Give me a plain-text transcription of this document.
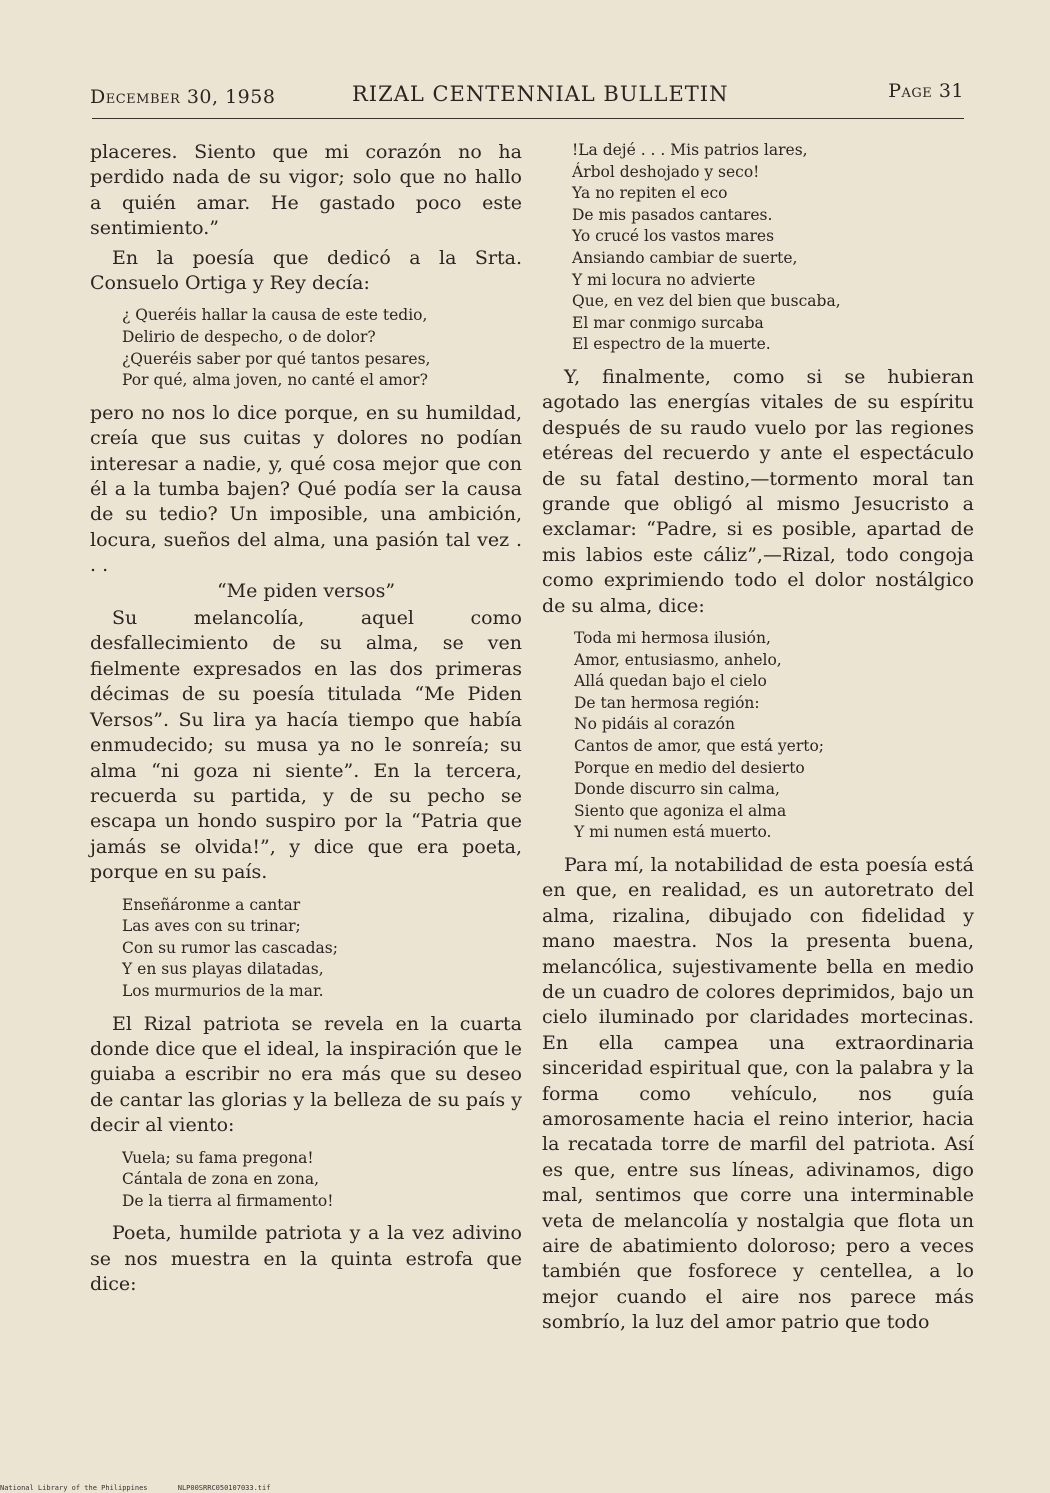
December 30, 1958	RIZAL CENTENNIAL BULLETIN	Page 31

placeres. Siento que mi corazón no ha perdido nada de su vigor; solo que no hallo a quién amar. He gastado poco este sentimiento.”

En la poesía que dedicó a la Srta. Consuelo Ortiga y Rey decía:

¿ Queréis hallar la causa de este tedio,
Delirio de despecho, o de dolor?
¿Queréis saber por qué tantos pesares,
Por qué, alma joven, no canté el amor?

pero no nos lo dice porque, en su humildad, creía que sus cuitas y dolores no podían interesar a nadie, y, qué cosa mejor que con él a la tumba bajen? Qué podía ser la causa de su tedio? Un imposible, una ambición, locura, sueños del alma, una pasión tal vez . . .

“Me piden versos”

Su melancolía, aquel como desfallecimiento de su alma, se ven fielmente expresados en las dos primeras décimas de su poesía titulada “Me Piden Versos”. Su lira ya hacía tiempo que había enmudecido; su musa ya no le sonreía; su alma “ni goza ni siente”. En la tercera, recuerda su partida, y de su pecho se escapa un hondo suspiro por la “Patria que jamás se olvida!”, y dice que era poeta, porque en su país.

Enseñáronme a cantar
Las aves con su trinar;
Con su rumor las cascadas;
Y en sus playas dilatadas,
Los murmurios de la mar.

El Rizal patriota se revela en la cuarta donde dice que el ideal, la inspiración que le guiaba a escribir no era más que su deseo de cantar las glorias y la belleza de su país y decir al viento:

Vuela; su fama pregona!
Cántala de zona en zona,
De la tierra al firmamento!

Poeta, humilde patriota y a la vez adivino se nos muestra en la quinta estrofa que dice:

!La dejé . . . Mis patrios lares,
Árbol deshojado y seco!
Ya no repiten el eco
De mis pasados cantares.
Yo crucé los vastos mares
Ansiando cambiar de suerte,
Y mi locura no advierte
Que, en vez del bien que buscaba,
El mar conmigo surcaba
El espectro de la muerte.

Y, finalmente, como si se hubieran agotado las energías vitales de su espíritu después de su raudo vuelo por las regiones etéreas del recuerdo y ante el espectáculo de su fatal destino,—tormento moral tan grande que obligó al mismo Jesucristo a exclamar: “Padre, si es posible, apartad de mis labios este cáliz”,—Rizal, todo congoja como exprimiendo todo el dolor nostálgico de su alma, dice:

Toda mi hermosa ilusión,
Amor, entusiasmo, anhelo,
Allá quedan bajo el cielo
De tan hermosa región:
No pidáis al corazón
Cantos de amor, que está yerto;
Porque en medio del desierto
Donde discurro sin calma,
Siento que agoniza el alma
Y mi numen está muerto.

Para mí, la notabilidad de esta poesía está en que, en realidad, es un autoretrato del alma, rizalina, dibujado con fidelidad y mano maestra. Nos la presenta buena, melancólica, sujestivamente bella en medio de un cuadro de colores deprimidos, bajo un cielo iluminado por claridades mortecinas. En ella campea una extraordinaria sinceridad espiritual que, con la palabra y la forma como vehículo, nos guía amorosamente hacia el reino interior, hacia la recatada torre de marfil del patriota. Así es que, entre sus líneas, adivinamos, digo mal, sentimos que corre una interminable veta de melancolía y nostalgia que flota un aire de abatimiento doloroso; pero a veces también que fosforece y centellea, a lo mejor cuando el aire nos parece más sombrío, la luz del amor patrio que todo

National Library of the Philippines	NLP00SRRC050107033.tif
